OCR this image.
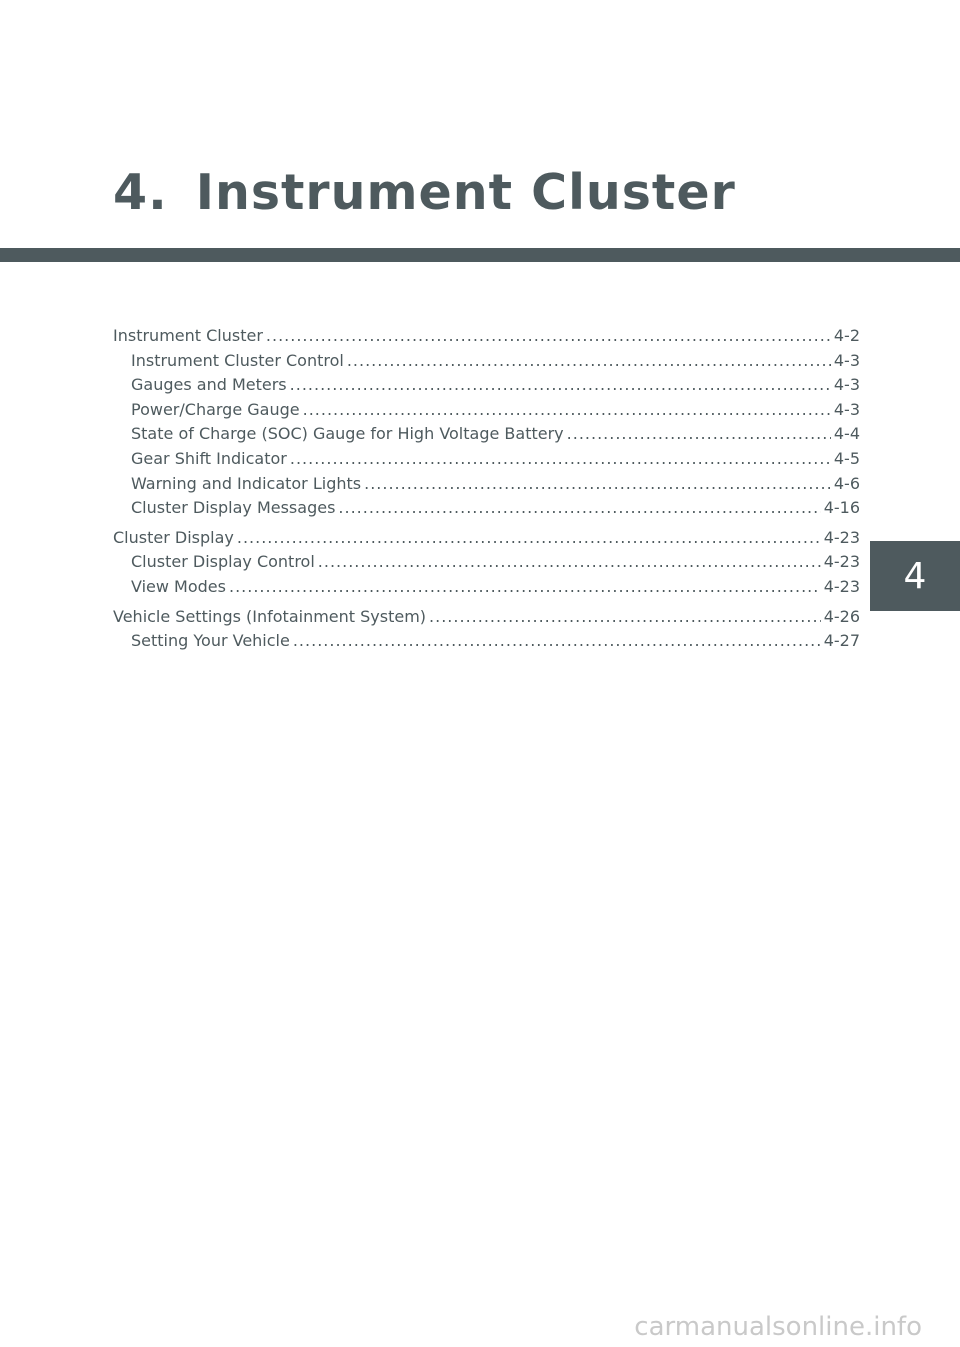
4. Instrument Cluster
Instrument Cluster .....	4-2
Instrument Cluster Control .....	4-3
Gauges and Meters .....	4-3
Power/Charge Gauge .....	4-3
State of Charge (SOC) Gauge for High Voltage Battery .....	4-4
Gear Shift Indicator .....	4-5
Warning and Indicator Lights .....	4-6
Cluster Display Messages .....	4-16
Cluster Display .....	4-23
Cluster Display Control .....	4-23
View Modes .....	4-23
Vehicle Settings (Infotainment System) .....	4-26
Setting Your Vehicle .....	4-27
4
carmanualsonline.info
